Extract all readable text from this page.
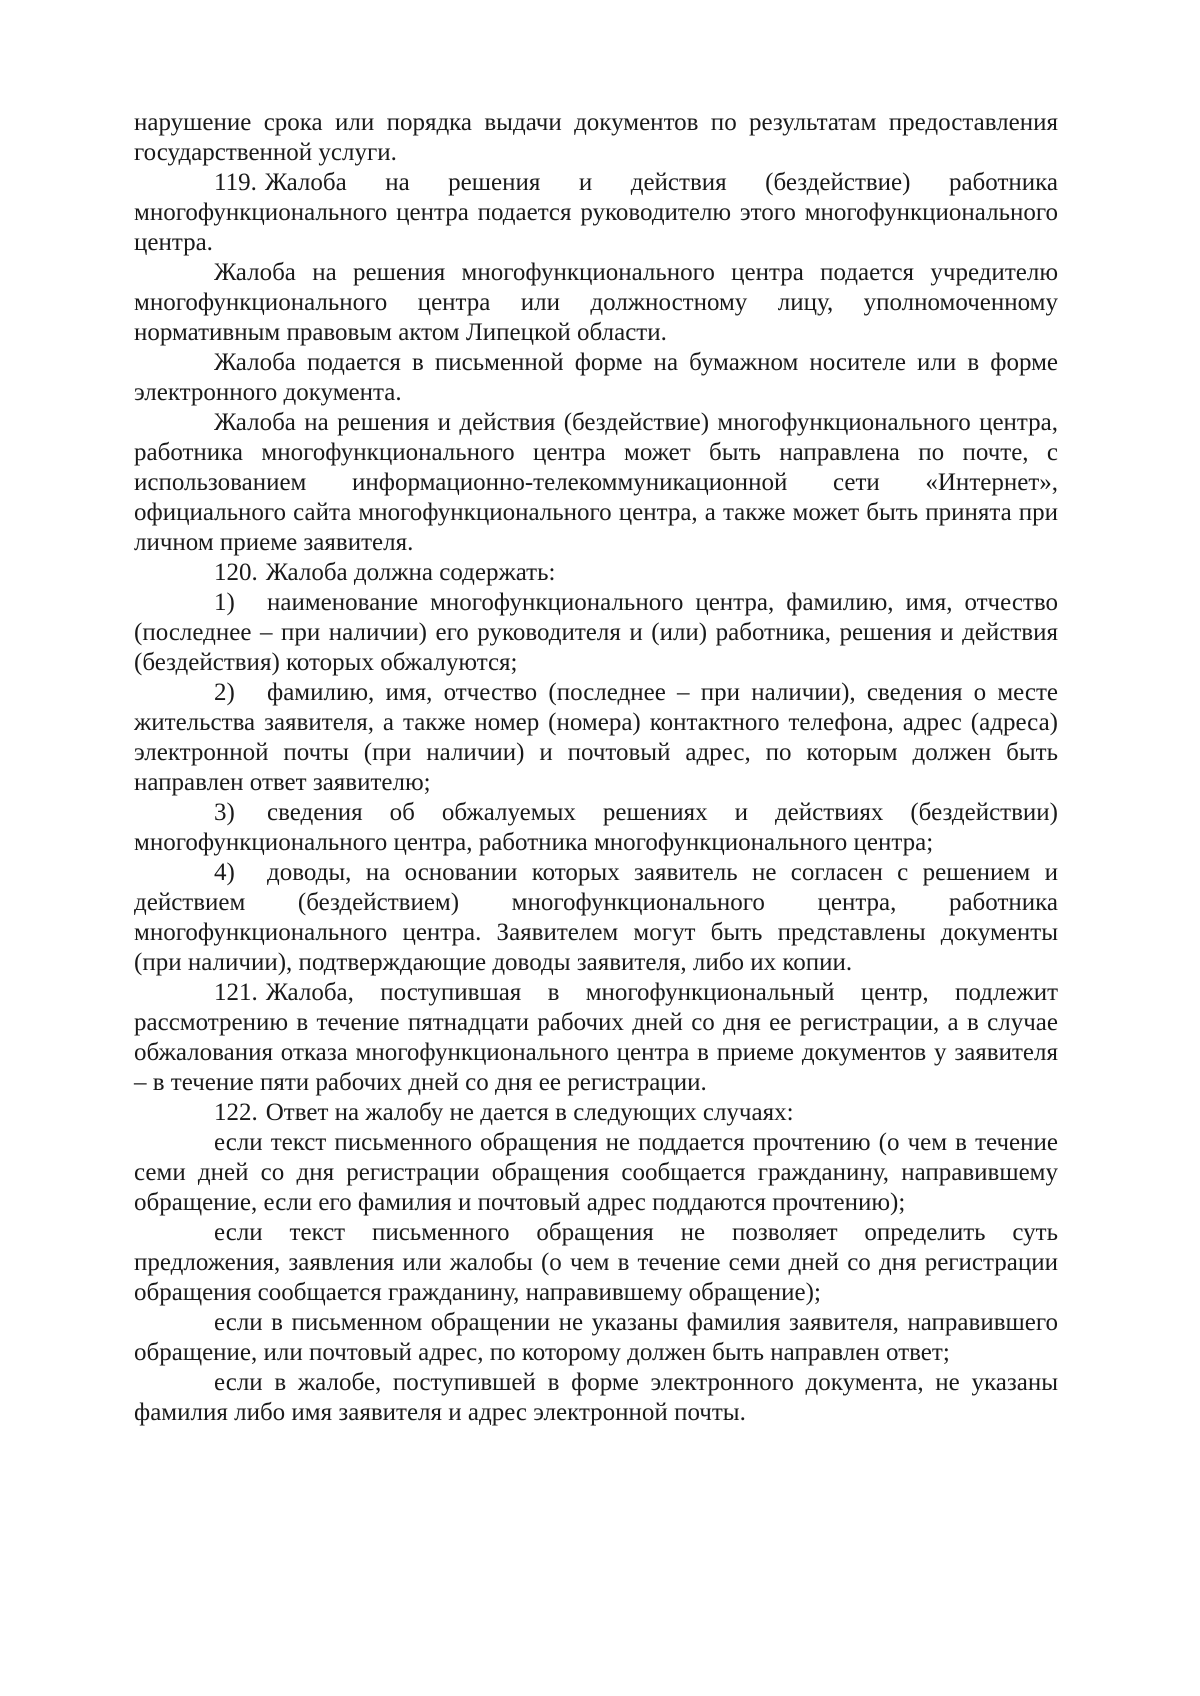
нарушение срока или порядка выдачи документов по результатам предоставления государственной услуги.

119. Жалоба на решения и действия (бездействие) работника многофункционального центра подается руководителю этого многофункционального центра.

Жалоба на решения многофункционального центра подается учредителю многофункционального центра или должностному лицу, уполномоченному нормативным правовым актом Липецкой области.

Жалоба подается в письменной форме на бумажном носителе или в форме электронного документа.

Жалоба на решения и действия (бездействие) многофункционального центра, работника многофункционального центра может быть направлена по почте, с использованием информационно-телекоммуникационной сети «Интернет», официального сайта многофункционального центра, а также может быть принята при личном приеме заявителя.

120. Жалоба должна содержать:

1) наименование многофункционального центра, фамилию, имя, отчество (последнее – при наличии) его руководителя и (или) работника, решения и действия (бездействия) которых обжалуются;

2) фамилию, имя, отчество (последнее – при наличии), сведения о месте жительства заявителя, а также номер (номера) контактного телефона, адрес (адреса) электронной почты (при наличии) и почтовый адрес, по которым должен быть направлен ответ заявителю;

3) сведения об обжалуемых решениях и действиях (бездействии) многофункционального центра, работника многофункционального центра;

4) доводы, на основании которых заявитель не согласен с решением и действием (бездействием) многофункционального центра, работника многофункционального центра. Заявителем могут быть представлены документы (при наличии), подтверждающие доводы заявителя, либо их копии.

121. Жалоба, поступившая в многофункциональный центр, подлежит рассмотрению в течение пятнадцати рабочих дней со дня ее регистрации, а в случае обжалования отказа многофункционального центра в приеме документов у заявителя – в течение пяти рабочих дней со дня ее регистрации.

122. Ответ на жалобу не дается в следующих случаях:

если текст письменного обращения не поддается прочтению (о чем в течение семи дней со дня регистрации обращения сообщается гражданину, направившему обращение, если его фамилия и почтовый адрес поддаются прочтению);

если текст письменного обращения не позволяет определить суть предложения, заявления или жалобы (о чем в течение семи дней со дня регистрации обращения сообщается гражданину, направившему обращение);

если в письменном обращении не указаны фамилия заявителя, направившего обращение, или почтовый адрес, по которому должен быть направлен ответ;

если в жалобе, поступившей в форме электронного документа, не указаны фамилия либо имя заявителя и адрес электронной почты.
